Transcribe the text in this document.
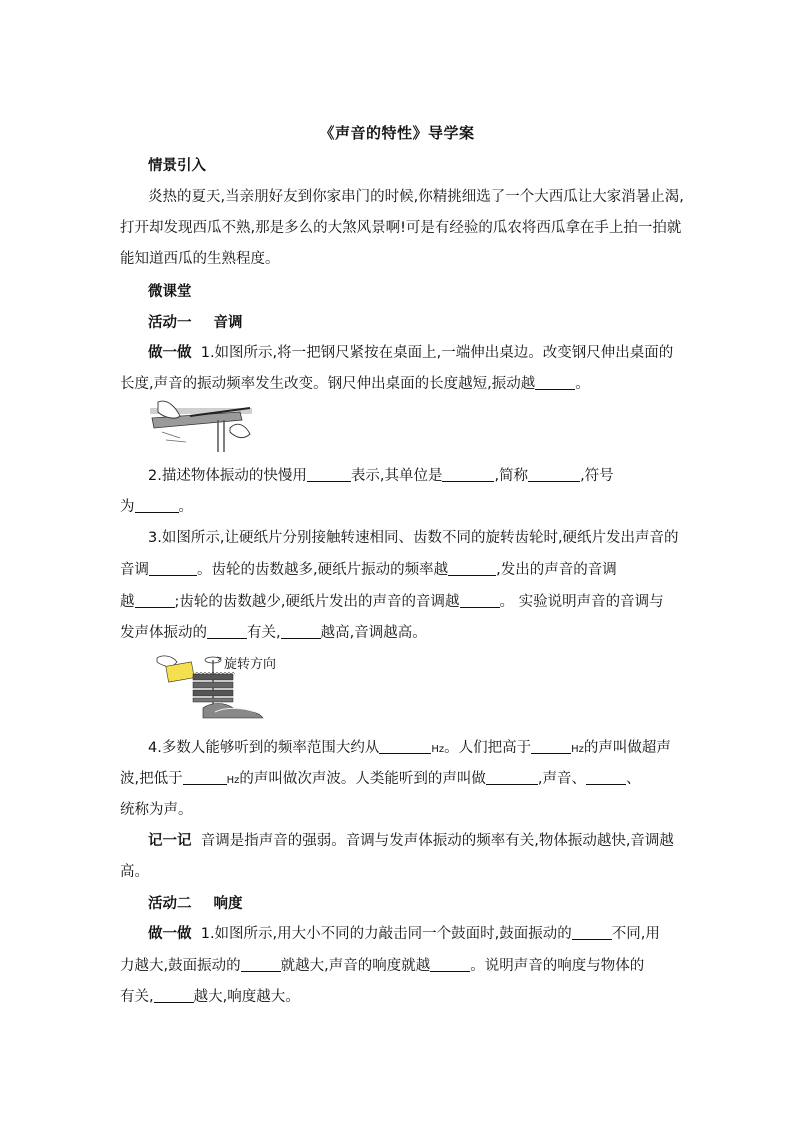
《声音的特性》导学案
情景引入
炎热的夏天,当亲朋好友到你家串门的时候,你精挑细选了一个大西瓜让大家消暑止渴,
打开却发现西瓜不熟,那是多么的大煞风景啊!可是有经验的瓜农将西瓜拿在手上拍一拍就
能知道西瓜的生熟程度。
微课堂
活动一 音调
做一做 1.如图所示,将一把钢尺紧按在桌面上,一端伸出桌边。改变钢尺伸出桌面的
长度,声音的振动频率发生改变。钢尺伸出桌面的长度越短,振动越	。
2.描述物体振动的快慢用	表示,其单位是	,简称	,符号
为	。
3.如图所示,让硬纸片分别接触转速相同、齿数不同的旋转齿轮时,硬纸片发出声音的
音调	。齿轮的齿数越多,硬纸片振动的频率越	,发出的声音的音调
越	;齿轮的齿数越少,硬纸片发出的声音的音调越	。 实验说明声音的音调与
发声体振动的	有关,	越高,音调越高。
旋转方向
4.多数人能够听到的频率范围大约从	Hz。人们把高于	Hz的声叫做超声
波,把低于	Hz的声叫做次声波。人类能听到的声叫做	,声音、	、
统称为声。
记一记 音调是指声音的强弱。音调与发声体振动的频率有关,物体振动越快,音调越
高。
活动二 响度
做一做 1.如图所示,用大小不同的力敲击同一个鼓面时,鼓面振动的	不同,用
力越大,鼓面振动的	就越大,声音的响度就越	。说明声音的响度与物体的
有关,	越大,响度越大。
